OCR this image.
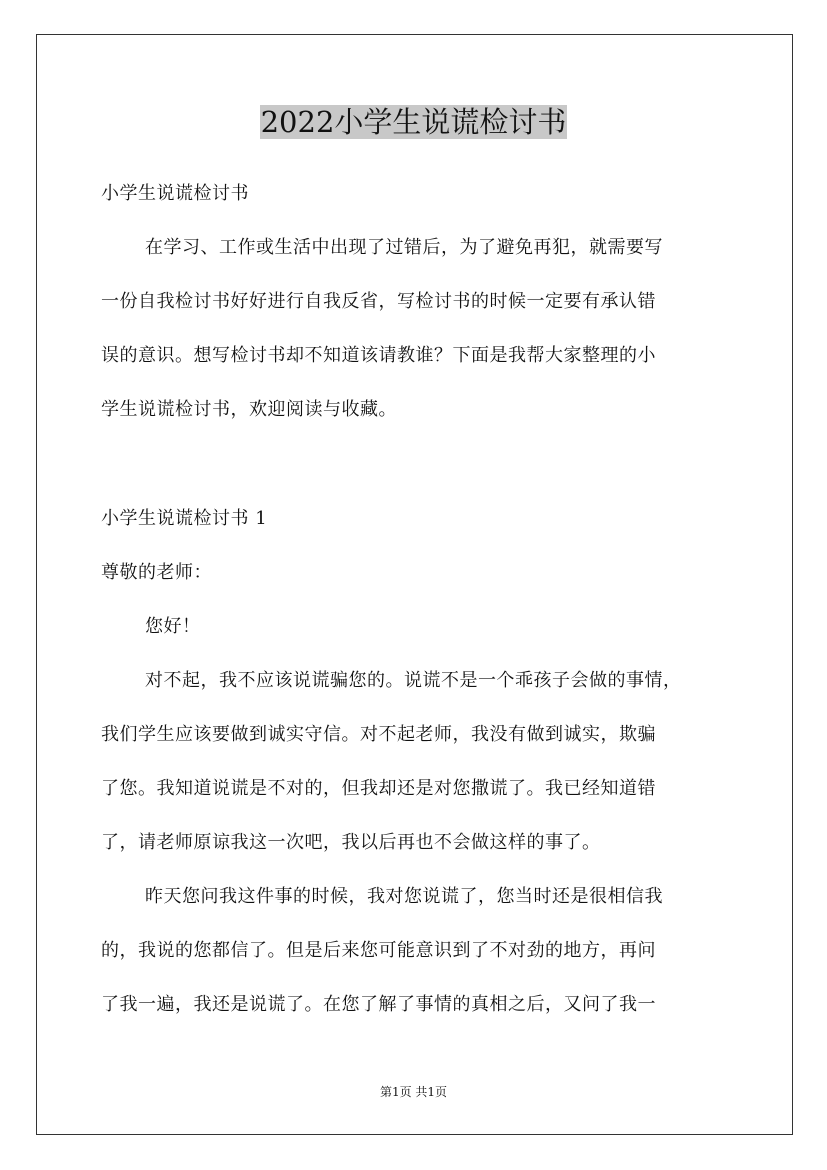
2022小学生说谎检讨书
小学生说谎检讨书
在学习、工作或生活中出现了过错后，为了避免再犯，就需要写
一份自我检讨书好好进行自我反省，写检讨书的时候一定要有承认错
误的意识。想写检讨书却不知道该请教谁？下面是我帮大家整理的小
学生说谎检讨书，欢迎阅读与收藏。
小学生说谎检讨书 1
尊敬的老师：
您好！
对不起，我不应该说谎骗您的。说谎不是一个乖孩子会做的事情，
我们学生应该要做到诚实守信。对不起老师，我没有做到诚实，欺骗
了您。我知道说谎是不对的，但我却还是对您撒谎了。我已经知道错
了，请老师原谅我这一次吧，我以后再也不会做这样的事了。
昨天您问我这件事的时候，我对您说谎了，您当时还是很相信我
的，我说的您都信了。但是后来您可能意识到了不对劲的地方，再问
了我一遍，我还是说谎了。在您了解了事情的真相之后，又问了我一
第1页 共1页
